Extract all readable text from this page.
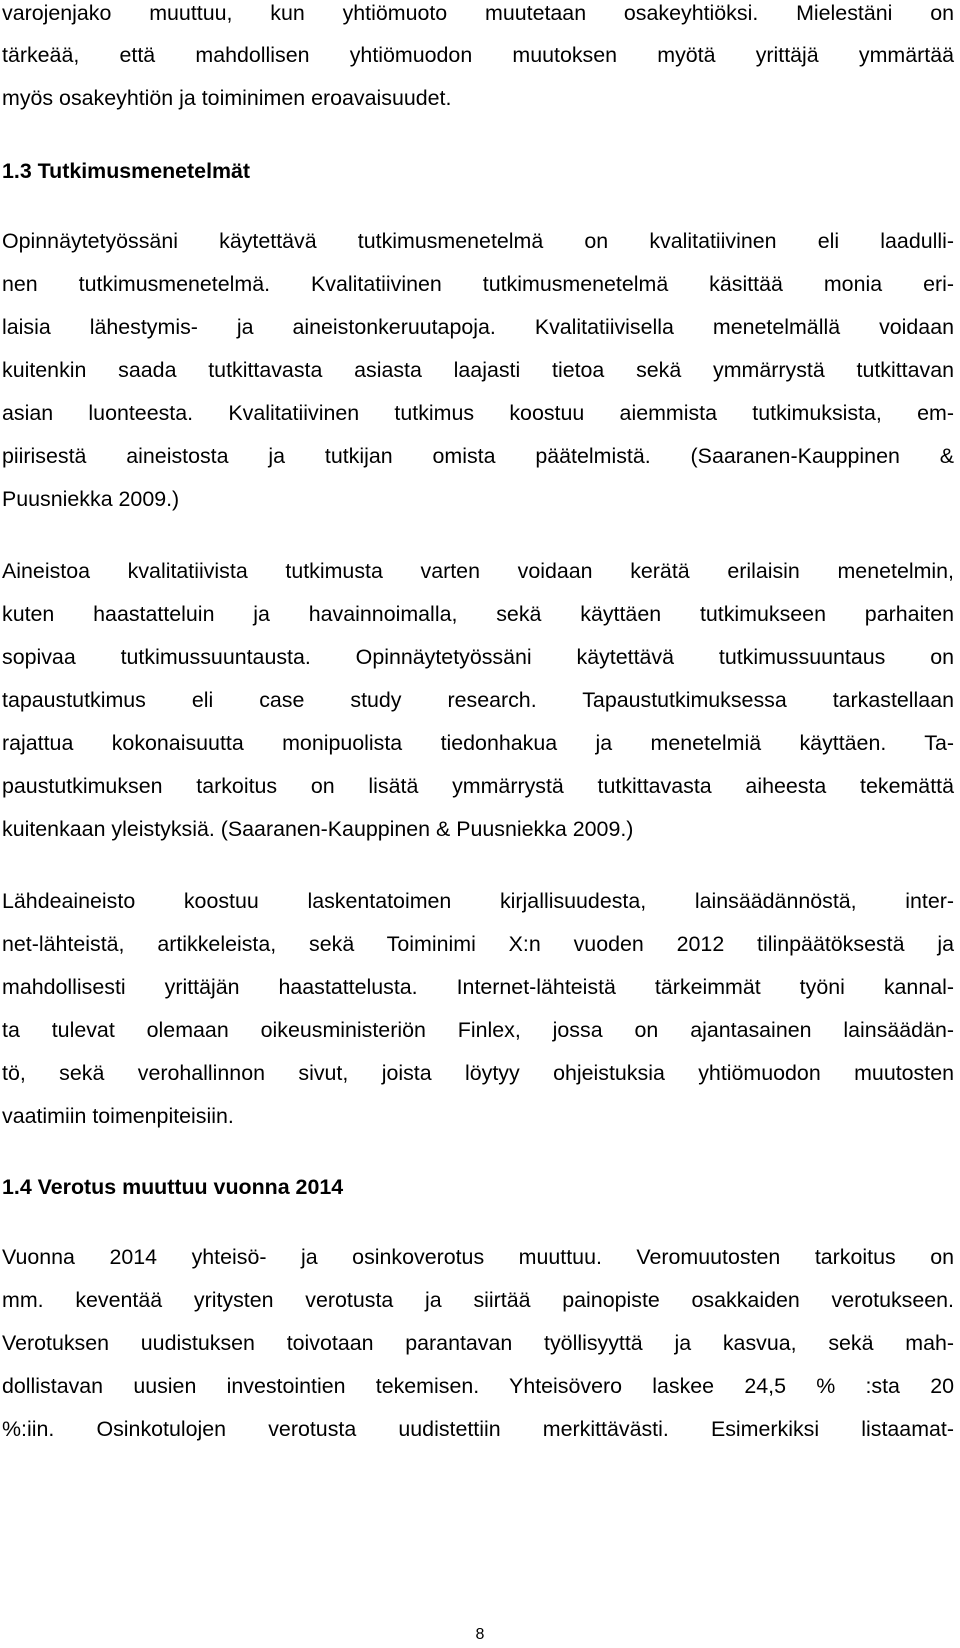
varojenjako muuttuu, kun yhtiömuoto muutetaan osakeyhtiöksi. Mielestäni on
tärkeää, että mahdollisen yhtiömuodon muutoksen myötä yrittäjä ymmärtää
myös osakeyhtiön ja toiminimen eroavaisuudet.
1.3 Tutkimusmenetelmät
Opinnäytetyössäni käytettävä tutkimusmenetelmä on kvalitatiivinen eli laadulli-
nen tutkimusmenetelmä. Kvalitatiivinen tutkimusmenetelmä käsittää monia eri-
laisia lähestymis- ja aineistonkeruutapoja. Kvalitatiivisella menetelmällä voidaan
kuitenkin saada tutkittavasta asiasta laajasti tietoa sekä ymmärrystä tutkittavan
asian luonteesta. Kvalitatiivinen tutkimus koostuu aiemmista tutkimuksista, em-
piirisestä aineistosta ja tutkijan omista päätelmistä. (Saaranen-Kauppinen &
Puusniekka 2009.)
Aineistoa kvalitatiivista tutkimusta varten voidaan kerätä erilaisin menetelmin,
kuten haastatteluin ja havainnoimalla, sekä käyttäen tutkimukseen parhaiten
sopivaa tutkimussuuntausta. Opinnäytetyössäni käytettävä tutkimussuuntaus on
tapaustutkimus eli case study research. Tapaustutkimuksessa tarkastellaan
rajattua kokonaisuutta monipuolista tiedonhakua ja menetelmiä käyttäen. Ta-
paustutkimuksen tarkoitus on lisätä ymmärrystä tutkittavasta aiheesta tekemättä
kuitenkaan yleistyksiä. (Saaranen-Kauppinen & Puusniekka 2009.)
Lähdeaineisto koostuu laskentatoimen kirjallisuudesta, lainsäädännöstä, inter-
net-lähteistä, artikkeleista, sekä Toiminimi X:n vuoden 2012 tilinpäätöksestä ja
mahdollisesti yrittäjän haastattelusta. Internet-lähteistä tärkeimmät työni kannal-
ta tulevat olemaan oikeusministeriön Finlex, jossa on ajantasainen lainsäädän-
tö, sekä verohallinnon sivut, joista löytyy ohjeistuksia yhtiömuodon muutosten
vaatimiin toimenpiteisiin.
1.4 Verotus muuttuu vuonna 2014
Vuonna 2014 yhteisö- ja osinkoverotus muuttuu. Veromuutosten tarkoitus on
mm. keventää yritysten verotusta ja siirtää painopiste osakkaiden verotukseen.
Verotuksen uudistuksen toivotaan parantavan työllisyyttä ja kasvua, sekä mah-
dollistavan uusien investointien tekemisen. Yhteisövero laskee 24,5 % :sta 20
%:iin. Osinkotulojen verotusta uudistettiin merkittävästi. Esimerkiksi listaamat-
8
